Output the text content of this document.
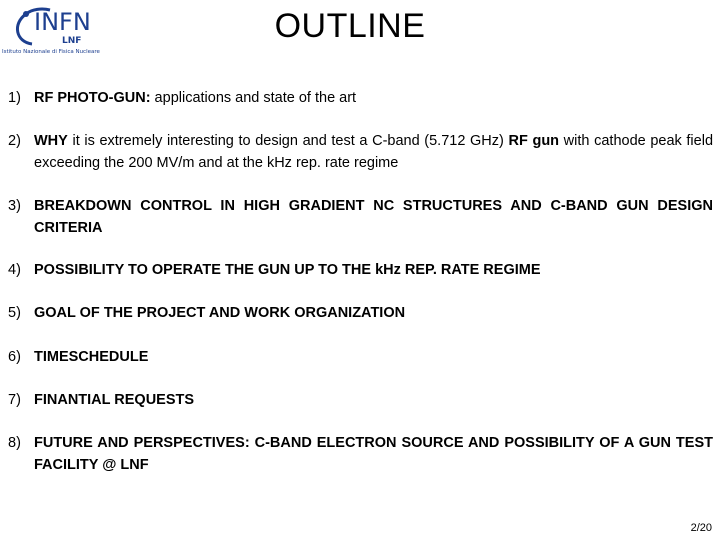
INFN
LNF
Istituto Nazionale di Fisica Nucleare
OUTLINE
1) RF PHOTO-GUN: applications and state of the art
2) WHY it is extremely interesting to design and test a C-band (5.712 GHz) RF gun with cathode peak field exceeding the 200 MV/m and at the kHz rep. rate regime
3) BREAKDOWN CONTROL IN HIGH GRADIENT NC STRUCTURES AND C-BAND GUN DESIGN CRITERIA
4) POSSIBILITY TO OPERATE THE GUN UP TO THE kHz REP. RATE REGIME
5) GOAL OF THE PROJECT AND WORK ORGANIZATION
6) TIMESCHEDULE
7) FINANTIAL REQUESTS
8) FUTURE AND PERSPECTIVES: C-BAND ELECTRON SOURCE AND POSSIBILITY OF A GUN TEST FACILITY @ LNF
2/20
